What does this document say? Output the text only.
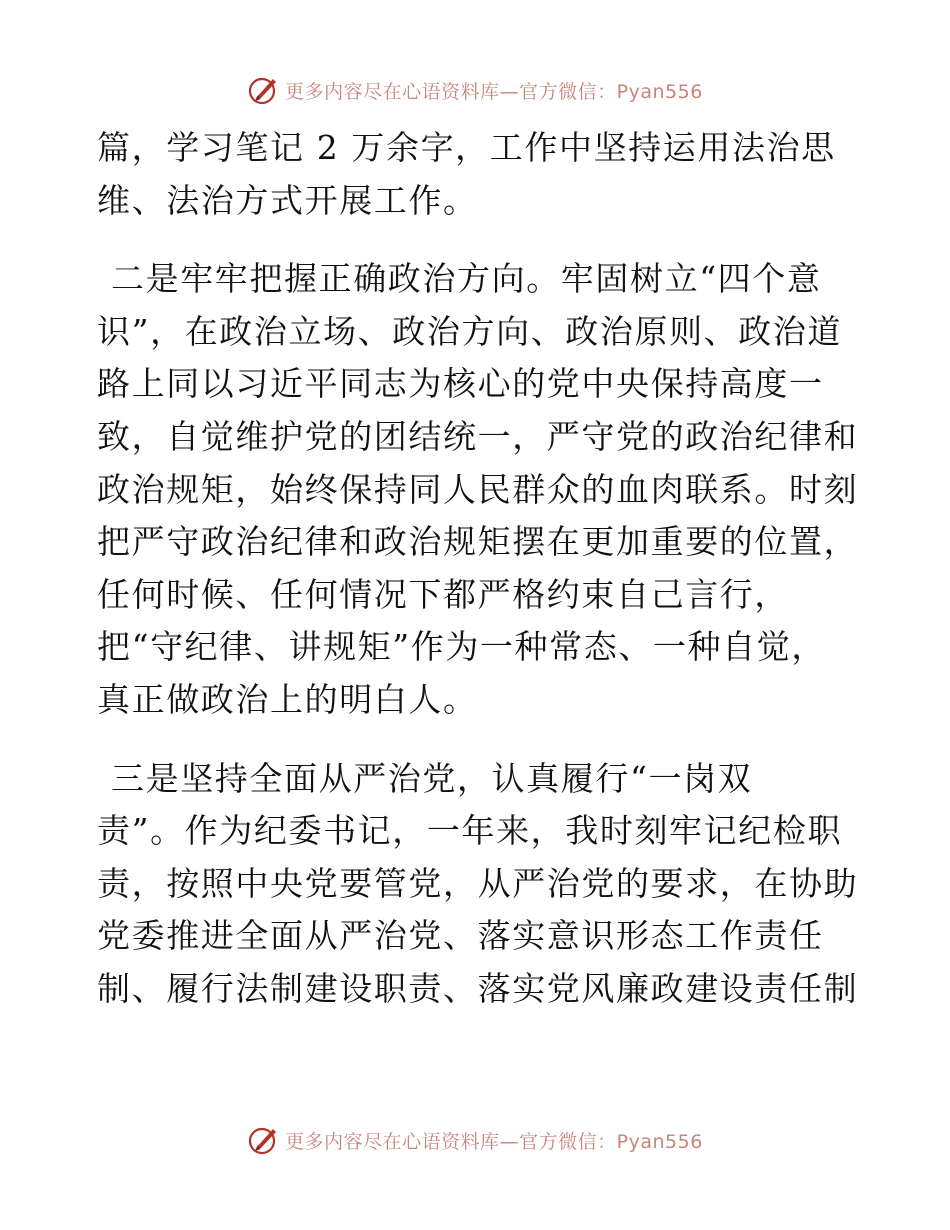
更多内容尽在心语资料库—官方微信：Pyan556
篇，学习笔记 2 万余字，工作中坚持运用法治思
维、法治方式开展工作。
二是牢牢把握正确政治方向。牢固树立“四个意
识”，在政治立场、政治方向、政治原则、政治道
路上同以习近平同志为核心的党中央保持高度一
致，自觉维护党的团结统一，严守党的政治纪律和
政治规矩，始终保持同人民群众的血肉联系。时刻
把严守政治纪律和政治规矩摆在更加重要的位置，
任何时候、任何情况下都严格约束自己言行，
把“守纪律、讲规矩”作为一种常态、一种自觉，
真正做政治上的明白人。
三是坚持全面从严治党，认真履行“一岗双
责”。作为纪委书记，一年来，我时刻牢记纪检职
责，按照中央党要管党，从严治党的要求，在协助
党委推进全面从严治党、落实意识形态工作责任
制、履行法制建设职责、落实党风廉政建设责任制
更多内容尽在心语资料库—官方微信：Pyan556
